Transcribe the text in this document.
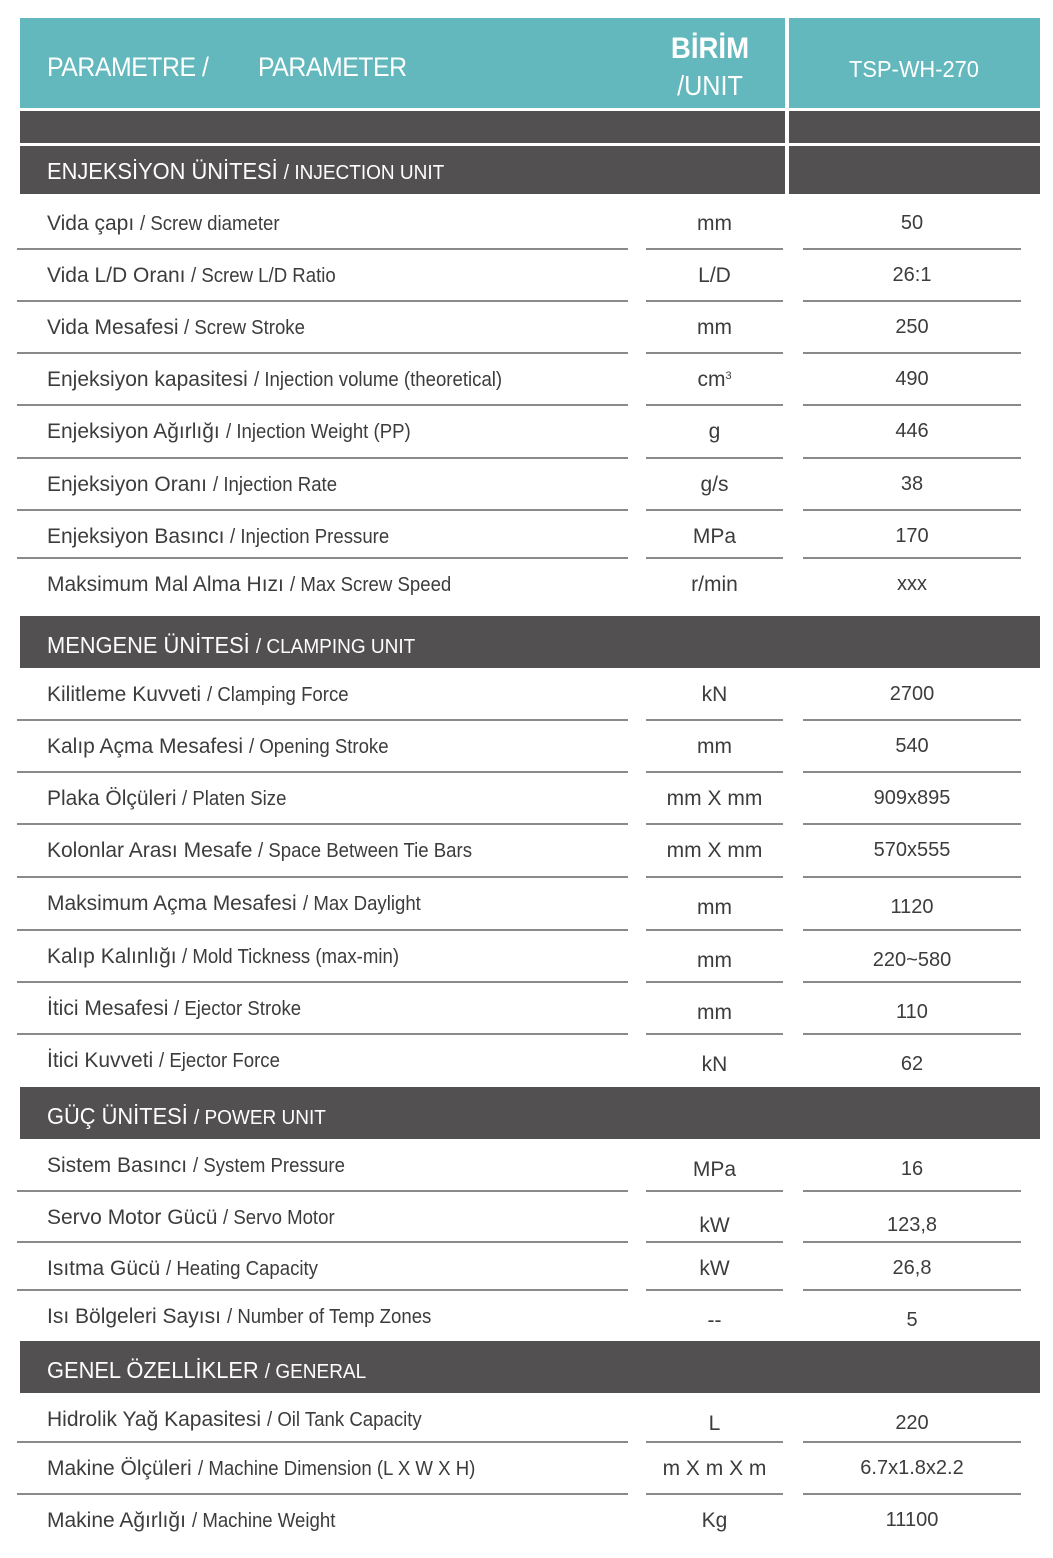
PARAMETRE / PARAMETER
BİRİM
/UNIT
TSP-WH-270
ENJEKSİYON ÜNİTESİ / INJECTION UNIT
Vida çapı / Screw diameter	mm	50
Vida L/D Oranı / Screw L/D Ratio	L/D	26:1
Vida Mesafesi / Screw Stroke	mm	250
Enjeksiyon kapasitesi / Injection volume (theoretical)	$cm^3$	490
Enjeksiyon Ağırlığı / Injection Weight (PP)	g	446
Enjeksiyon Oranı / Injection Rate	g/s	38
Enjeksiyon Basıncı / Injection Pressure	MPa	170
Maksimum Mal Alma Hızı / Max Screw Speed	r/min	xxx
MENGENE ÜNİTESİ / CLAMPING UNIT
Kilitleme Kuvveti / Clamping Force	kN	2700
Kalıp Açma Mesafesi / Opening Stroke	mm	540
Plaka Ölçüleri / Platen Size	mm X mm	909x895
Kolonlar Arası Mesafe / Space Between Tie Bars	mm X mm	570x555
Maksimum Açma Mesafesi / Max Daylight	mm	1120
Kalıp Kalınlığı / Mold Tickness (max-min)	mm	220~580
İtici Mesafesi / Ejector Stroke	mm	110
İtici Kuvveti / Ejector Force	kN	62
GÜÇ ÜNİTESİ / POWER UNIT
Sistem Basıncı / System Pressure	MPa	16
Servo Motor Gücü / Servo Motor	kW	123,8
Isıtma Gücü / Heating Capacity	kW	26,8
Isı Bölgeleri Sayısı / Number of Temp Zones	--	5
GENEL ÖZELLİKLER / GENERAL
Hidrolik Yağ Kapasitesi / Oil Tank Capacity	L	220
Makine Ölçüleri / Machine Dimension (L X W X H)	m X m X m	6.7x1.8x2.2
Makine Ağırlığı / Machine Weight	Kg	11100
